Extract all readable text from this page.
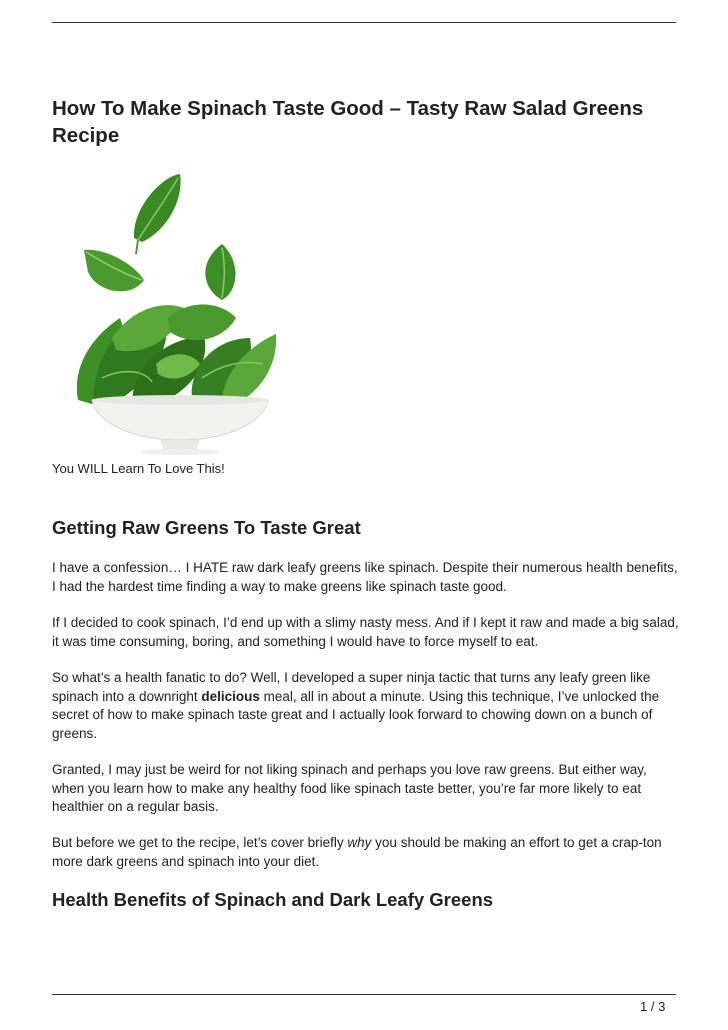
How To Make Spinach Taste Good – Tasty Raw Salad Greens Recipe

You WILL Learn To Love This!

Getting Raw Greens To Taste Great

I have a confession… I HATE raw dark leafy greens like spinach. Despite their numerous health benefits, I had the hardest time finding a way to make greens like spinach taste good.

If I decided to cook spinach, I’d end up with a slimy nasty mess. And if I kept it raw and made a big salad, it was time consuming, boring, and something I would have to force myself to eat.

So what’s a health fanatic to do? Well, I developed a super ninja tactic that turns any leafy green like spinach into a downright delicious meal, all in about a minute. Using this technique, I’ve unlocked the secret of how to make spinach taste great and I actually look forward to chowing down on a bunch of greens.

Granted, I may just be weird for not liking spinach and perhaps you love raw greens. But either way, when you learn how to make any healthy food like spinach taste better, you’re far more likely to eat healthier on a regular basis.

But before we get to the recipe, let’s cover briefly why you should be making an effort to get a crap-ton more dark greens and spinach into your diet.

Health Benefits of Spinach and Dark Leafy Greens

1 / 3
